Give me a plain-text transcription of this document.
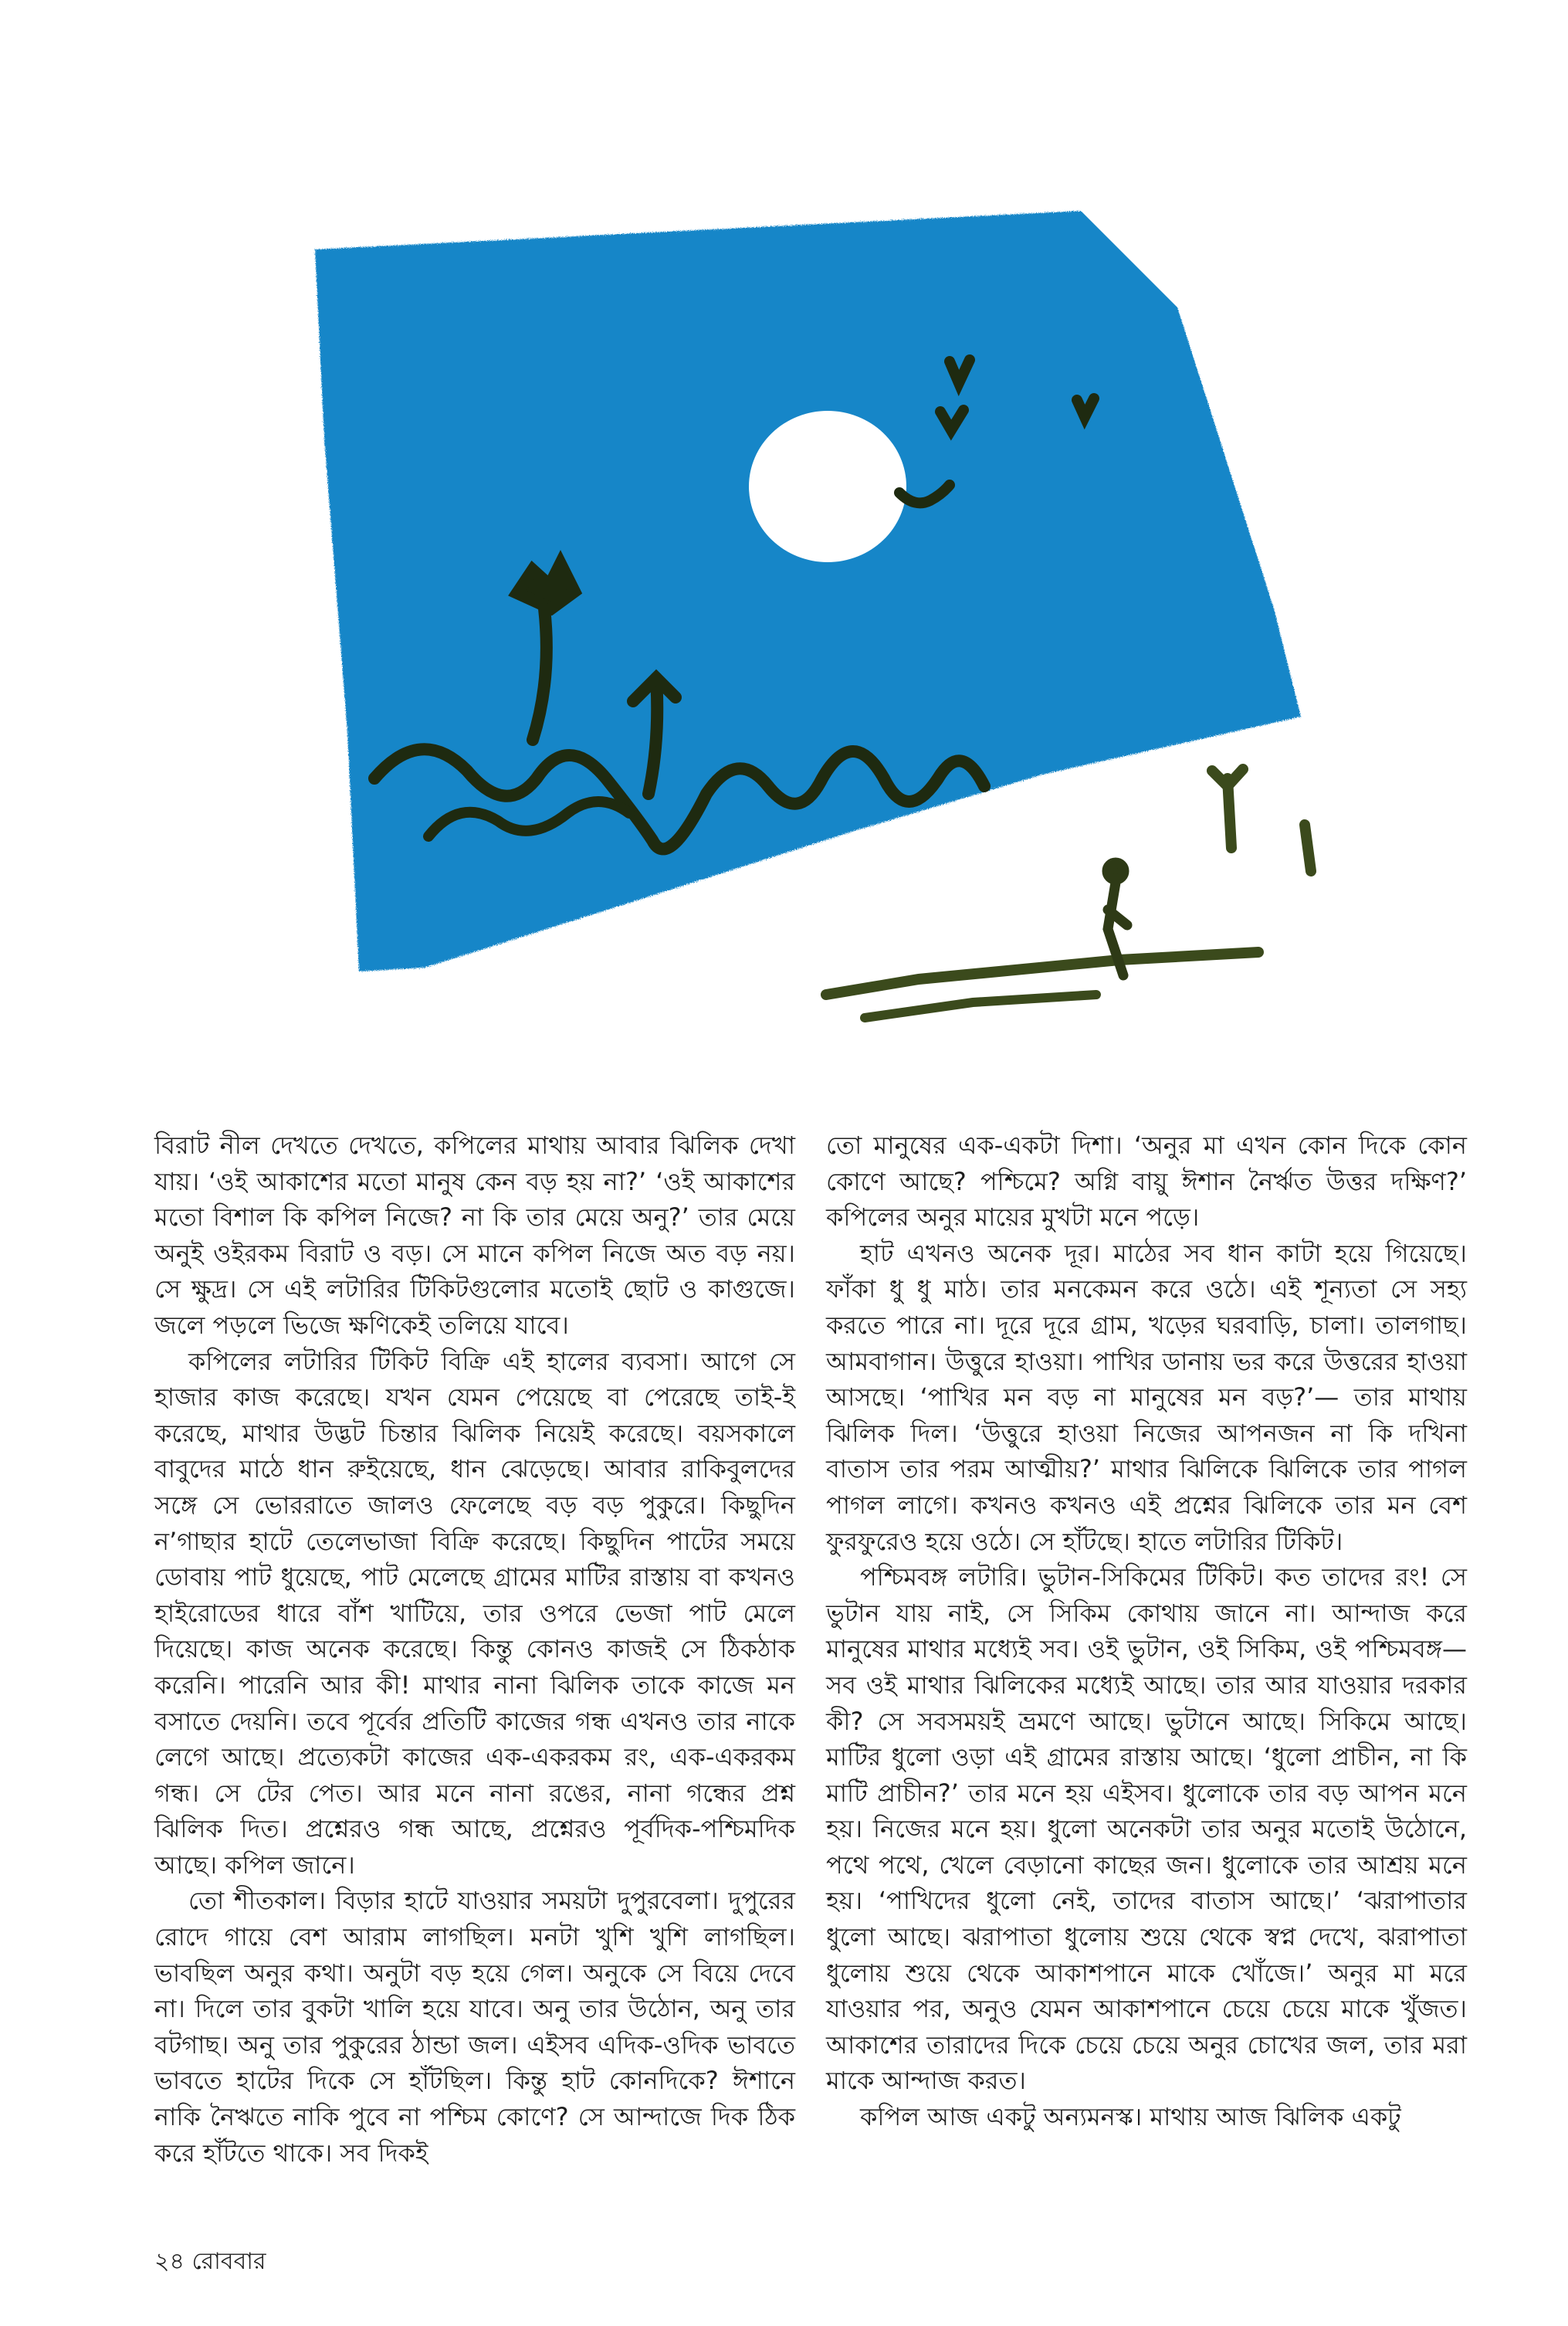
বিরাট নীল দেখতে দেখতে, কপিলের মাথায় আবার ঝিলিক দেখা যায়। ‘ওই আকাশের মতো মানুষ কেন বড় হয় না?’ ‘ওই আকাশের মতো বিশাল কি কপিল নিজে? না কি তার মেয়ে অনু?’ তার মেয়ে অনুই ওইরকম বিরাট ও বড়। সে মানে কপিল নিজে অত বড় নয়। সে ক্ষুদ্র। সে এই লটারির টিকিটগুলোর মতোই ছোট ও কাগুজে। জলে পড়লে ভিজে ক্ষণিকেই তলিয়ে যাবে।

কপিলের লটারির টিকিট বিক্রি এই হালের ব্যবসা। আগে সে হাজার কাজ করেছে। যখন যেমন পেয়েছে বা পেরেছে তাই-ই করেছে, মাথার উদ্ভট চিন্তার ঝিলিক নিয়েই করেছে। বয়সকালে বাবুদের মাঠে ধান রুইয়েছে, ধান ঝেড়েছে। আবার রাকিবুলদের সঙ্গে সে ভোররাতে জালও ফেলেছে বড় বড় পুকুরে। কিছুদিন ন’গাছার হাটে তেলেভাজা বিক্রি করেছে। কিছুদিন পাটের সময়ে ডোবায় পাট ধুয়েছে, পাট মেলেছে গ্রামের মাটির রাস্তায় বা কখনও হাইরোডের ধারে বাঁশ খাটিয়ে, তার ওপরে ভেজা পাট মেলে দিয়েছে। কাজ অনেক করেছে। কিন্তু কোনও কাজই সে ঠিকঠাক করেনি। পারেনি আর কী! মাথার নানা ঝিলিক তাকে কাজে মন বসাতে দেয়নি। তবে পূর্বের প্রতিটি কাজের গন্ধ এখনও তার নাকে লেগে আছে। প্রত্যেকটা কাজের এক-একরকম রং, এক-একরকম গন্ধ। সে টের পেত। আর মনে নানা রঙের, নানা গন্ধের প্রশ্ন ঝিলিক দিত। প্রশ্নেরও গন্ধ আছে, প্রশ্নেরও পূর্বদিক-পশ্চিমদিক আছে। কপিল জানে।

তো শীতকাল। বিড়ার হাটে যাওয়ার সময়টা দুপুরবেলা। দুপুরের রোদে গায়ে বেশ আরাম লাগছিল। মনটা খুশি খুশি লাগছিল। ভাবছিল অনুর কথা। অনুটা বড় হয়ে গেল। অনুকে সে বিয়ে দেবে না। দিলে তার বুকটা খালি হয়ে যাবে। অনু তার উঠোন, অনু তার বটগাছ। অনু তার পুকুরের ঠান্ডা জল। এইসব এদিক-ওদিক ভাবতে ভাবতে হাটের দিকে সে হাঁটছিল। কিন্তু হাট কোনদিকে? ঈশানে নাকি নৈঋতে নাকি পুবে না পশ্চিম কোণে? সে আন্দাজে দিক ঠিক করে হাঁটতে থাকে। সব দিকই

তো মানুষের এক-একটা দিশা। ‘অনুর মা এখন কোন দিকে কোন কোণে আছে? পশ্চিমে? অগ্নি বায়ু ঈশান নৈর্ঋত উত্তর দক্ষিণ?’ কপিলের অনুর মায়ের মুখটা মনে পড়ে।

হাট এখনও অনেক দূর। মাঠের সব ধান কাটা হয়ে গিয়েছে। ফাঁকা ধু ধু মাঠ। তার মনকেমন করে ওঠে। এই শূন্যতা সে সহ্য করতে পারে না। দূরে দূরে গ্রাম, খড়ের ঘরবাড়ি, চালা। তালগাছ। আমবাগান। উত্তুরে হাওয়া। পাখির ডানায় ভর করে উত্তরের হাওয়া আসছে। ‘পাখির মন বড় না মানুষের মন বড়?’— তার মাথায় ঝিলিক দিল। ‘উত্তুরে হাওয়া নিজের আপনজন না কি দখিনা বাতাস তার পরম আত্মীয়?’ মাথার ঝিলিকে ঝিলিকে তার পাগল পাগল লাগে। কখনও কখনও এই প্রশ্নের ঝিলিকে তার মন বেশ ফুরফুরেও হয়ে ওঠে। সে হাঁটছে। হাতে লটারির টিকিট।

পশ্চিমবঙ্গ লটারি। ভুটান-সিকিমের টিকিট। কত তাদের রং! সে ভুটান যায় নাই, সে সিকিম কোথায় জানে না। আন্দাজ করে মানুষের মাথার মধ্যেই সব। ওই ভুটান, ওই সিকিম, ওই পশ্চিমবঙ্গ— সব ওই মাথার ঝিলিকের মধ্যেই আছে। তার আর যাওয়ার দরকার কী? সে সবসময়ই ভ্রমণে আছে। ভুটানে আছে। সিকিমে আছে। মাটির ধুলো ওড়া এই গ্রামের রাস্তায় আছে। ‘ধুলো প্রাচীন, না কি মাটি প্রাচীন?’ তার মনে হয় এইসব। ধুলোকে তার বড় আপন মনে হয়। নিজের মনে হয়। ধুলো অনেকটা তার অনুর মতোই উঠোনে, পথে পথে, খেলে বেড়ানো কাছের জন। ধুলোকে তার আশ্রয় মনে হয়। ‘পাখিদের ধুলো নেই, তাদের বাতাস আছে।’ ‘ঝরাপাতার ধুলো আছে। ঝরাপাতা ধুলোয় শুয়ে থেকে স্বপ্ন দেখে, ঝরাপাতা ধুলোয় শুয়ে থেকে আকাশপানে মাকে খোঁজে।’ অনুর মা মরে যাওয়ার পর, অনুও যেমন আকাশপানে চেয়ে চেয়ে মাকে খুঁজত। আকাশের তারাদের দিকে চেয়ে চেয়ে অনুর চোখের জল, তার মরা মাকে আন্দাজ করত।

কপিল আজ একটু অন্যমনস্ক। মাথায় আজ ঝিলিক একটু

২৪ রোববার
